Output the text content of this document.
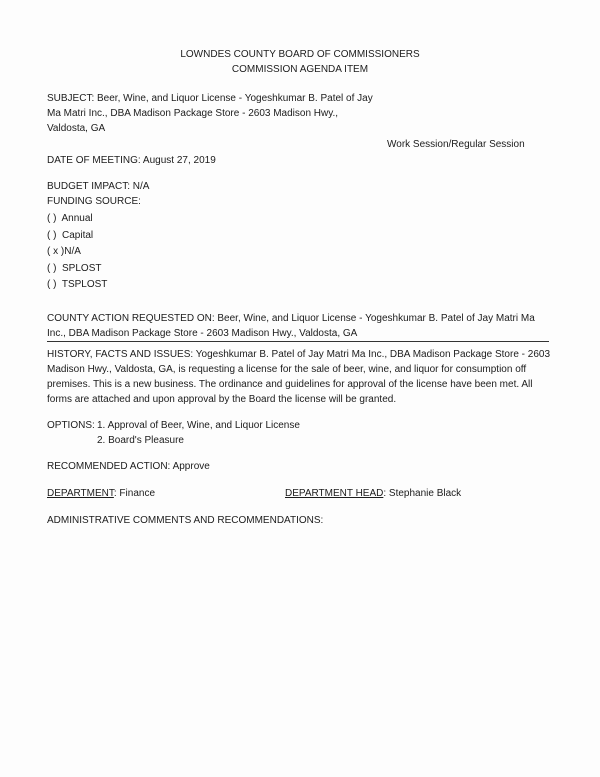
LOWNDES COUNTY BOARD OF COMMISSIONERS
COMMISSION AGENDA ITEM
SUBJECT: Beer, Wine, and Liquor License - Yogeshkumar B. Patel of Jay
Ma Matri Inc., DBA Madison Package Store - 2603 Madison Hwy.,
Valdosta, GA
Work Session/Regular Session
DATE OF MEETING: August 27, 2019
BUDGET IMPACT: N/A
FUNDING SOURCE:
( ) Annual
( ) Capital
( x )N/A
( ) SPLOST
( ) TSPLOST
COUNTY ACTION REQUESTED ON: Beer, Wine, and Liquor License - Yogeshkumar B. Patel of Jay Matri Ma
Inc., DBA Madison Package Store - 2603 Madison Hwy., Valdosta, GA
HISTORY, FACTS AND ISSUES: Yogeshkumar B. Patel of Jay Matri Ma Inc., DBA Madison Package Store - 2603
Madison Hwy., Valdosta, GA, is requesting a license for the sale of beer, wine, and liquor for consumption off
premises. This is a new business. The ordinance and guidelines for approval of the license have been met. All
forms are attached and upon approval by the Board the license will be granted.
OPTIONS: 1. Approval of Beer, Wine, and Liquor License
2. Board's Pleasure
RECOMMENDED ACTION: Approve
DEPARTMENT: Finance	DEPARTMENT HEAD: Stephanie Black
ADMINISTRATIVE COMMENTS AND RECOMMENDATIONS:
